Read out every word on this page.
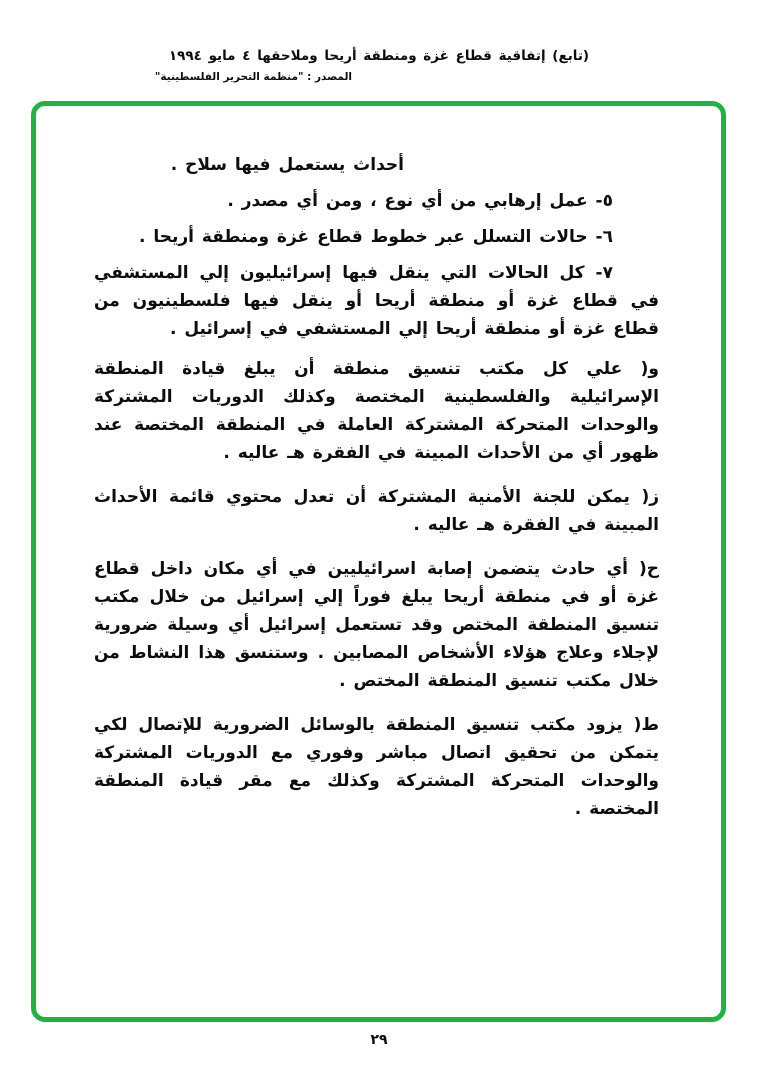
(تابع) إتفاقية قطاع غزة ومنطقة أريحا وملاحقها ٤ مايو ١٩٩٤
المصدر : "منظمة التحرير الفلسطينية"

أحداث يستعمل فيها سلاح .

٥- عمل إرهابي من أي نوع ، ومن أي مصدر .

٦- حالات التسلل عبر خطوط قطاع غزة ومنطقة أريحا .

٧- كل الحالات التي ينقل فيها إسرائيليون إلي المستشفي في قطاع غزة أو منطقة أريحا أو ينقل فيها فلسطينيون من قطاع غزة أو منطقة أريحا إلي المستشفي في إسرائيل .

و( علي كل مكتب تنسيق منطقة أن يبلغ قيادة المنطقة الإسرائيلية والفلسطينية المختصة وكذلك الدوريات المشتركة والوحدات المتحركة المشتركة العاملة في المنطقة المختصة عند ظهور أي من الأحداث المبينة في الفقرة هـ عاليه .

ز( يمكن للجنة الأمنية المشتركة أن تعدل محتوي قائمة الأحداث المبينة في الفقرة هـ عاليه .

ح( أي حادث يتضمن إصابة اسرائيليين في أي مكان داخل قطاع غزة أو في منطقة أريحا يبلغ فوراً إلي إسرائيل من خلال مكتب تنسيق المنطقة المختص وقد تستعمل إسرائيل أي وسيلة ضرورية لإجلاء وعلاج هؤلاء الأشخاص المصابين . وستنسق هذا النشاط من خلال مكتب تنسيق المنطقة المختص .

ط( يزود مكتب تنسيق المنطقة بالوسائل الضرورية للإتصال لكي يتمكن من تحقيق اتصال مباشر وفوري مع الدوريات المشتركة والوحدات المتحركة المشتركة وكذلك مع مقر قيادة المنطقة المختصة .

٢٩
